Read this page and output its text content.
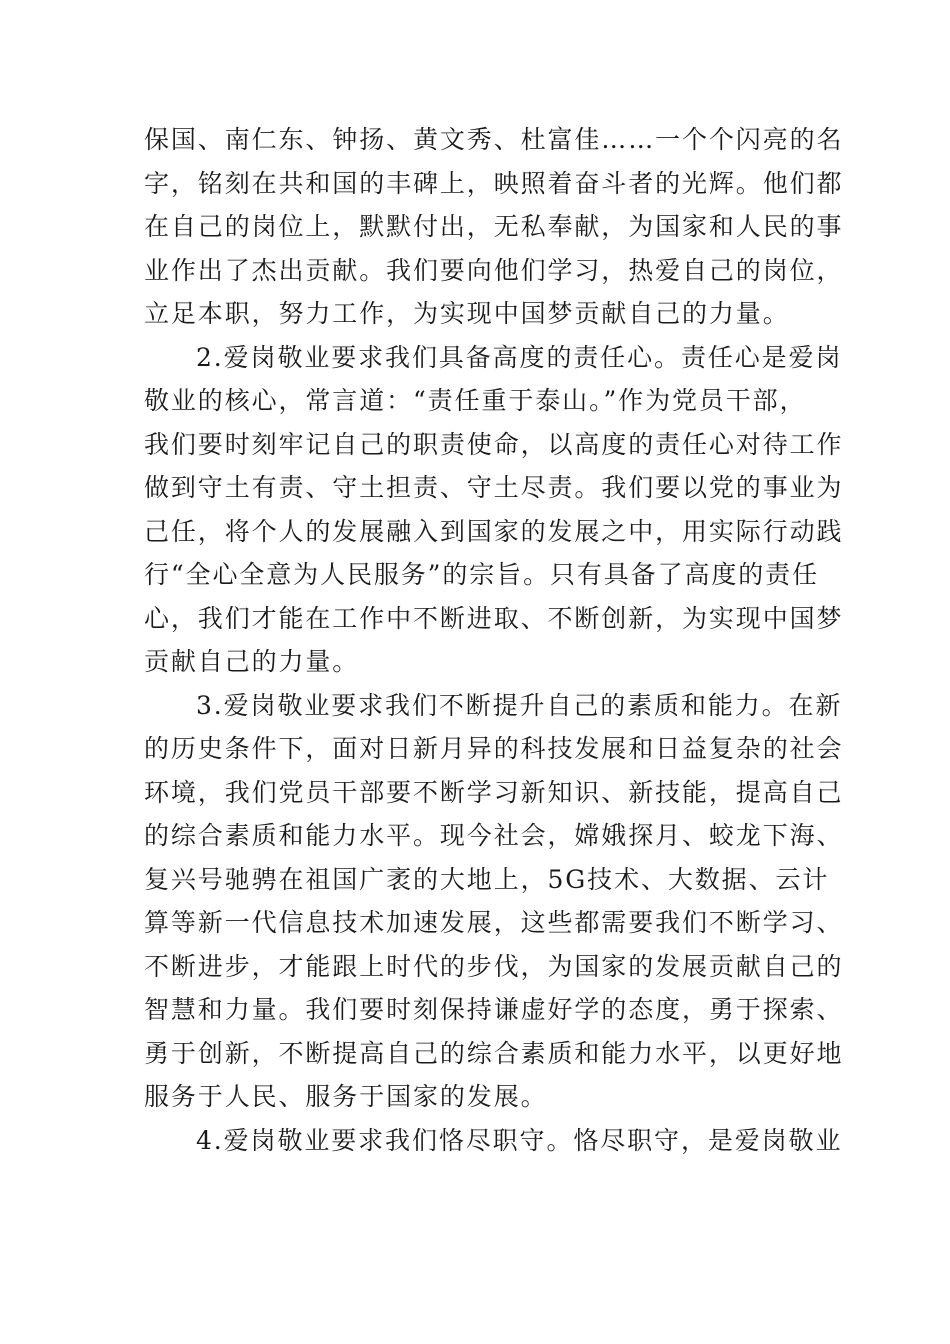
保国、南仁东、钟扬、黄文秀、杜富佳……一个个闪亮的名
字，铭刻在共和国的丰碑上，映照着奋斗者的光辉。他们都
在自己的岗位上，默默付出，无私奉献，为国家和人民的事
业作出了杰出贡献。我们要向他们学习，热爱自己的岗位，
立足本职，努力工作，为实现中国梦贡献自己的力量。
2.爱岗敬业要求我们具备高度的责任心。责任心是爱岗
敬业的核心，常言道：“责任重于泰山。”作为党员干部，
我们要时刻牢记自己的职责使命，以高度的责任心对待工作
做到守土有责、守土担责、守土尽责。我们要以党的事业为
己任，将个人的发展融入到国家的发展之中，用实际行动践
行“全心全意为人民服务”的宗旨。只有具备了高度的责任
心，我们才能在工作中不断进取、不断创新，为实现中国梦
贡献自己的力量。
3.爱岗敬业要求我们不断提升自己的素质和能力。在新
的历史条件下，面对日新月异的科技发展和日益复杂的社会
环境，我们党员干部要不断学习新知识、新技能，提高自己
的综合素质和能力水平。现今社会，嫦娥探月、蛟龙下海、
复兴号驰骋在祖国广袤的大地上，5G技术、大数据、云计
算等新一代信息技术加速发展，这些都需要我们不断学习、
不断进步，才能跟上时代的步伐，为国家的发展贡献自己的
智慧和力量。我们要时刻保持谦虚好学的态度，勇于探索、
勇于创新，不断提高自己的综合素质和能力水平，以更好地
服务于人民、服务于国家的发展。
4.爱岗敬业要求我们恪尽职守。恪尽职守，是爱岗敬业
